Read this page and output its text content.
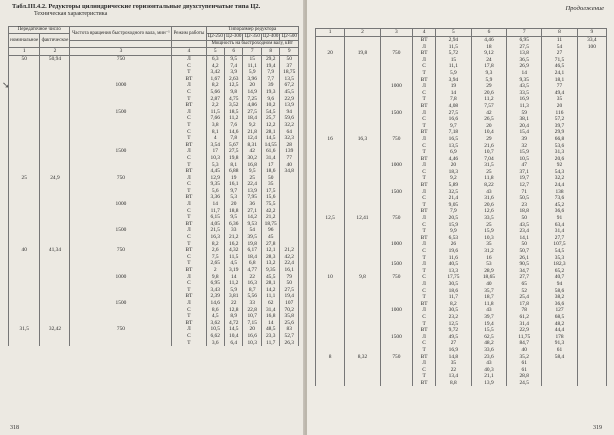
Табл.III.4.2. Редукторы цилиндрические горизонтальные двухступенчатые типа Ц2.
Техническая характеристика
➘
Передаточное число		Частота вращения быстроходного вала, мин⁻¹	Режим работы	Типоразмер редуктора				
номинальное	фактическое			Ц2-250	Ц2-300	Ц2-350	Ц2-400	Ц2-500
				Мощность на быстроходном валу, кВт				
1	2	3	4	5	6	7	8	9
50	50,94	750	Л	6,3	9,5	15	29,2	50
			С	4,2	7,4	11,1	19,4	37
			Т	3,42	3,9	5,9	7,9	18,75
			ВТ	1,67	2,63	3,96	7,7	13,5
		1000	Л	8,2	12,5	20	39	67,2
			С	5,66	9,8	14,9	19,3	45,5
			Т	2,87	4,75	7,25	9,6	22,9
			ВТ	2,2	3,52	4,86	10,2	13,9
		1500	Л	11,5	18,5	27,5	54,5	94
			С	7,66	11,2	18,4	25,7	59,6
			Т	3,8	7,6	9,2	12,2	32,2
			С	8,1	14,6	21,8	28,1	64
			Т	4	7,8	12,4	14,5	32,3
			ВТ	3,54	5,67	8,31	14,55	28
		1500	Л	17	27,5	42	61,6	139
			С	10,3	19,8	30,2	31,4	77
			Т	5,3	8,1	16,8	17	40
			ВТ	4,45	6,88	9,5	18,6	34,8
25	24,9	750	Л	12,9	19	25	50	
			С	9,35	16,1	22,4	35	
			Т	5,6	9,7	13,9	17,5	
			ВТ	3,36	5,3	7,95	15,6	
		1000	Л	14	20	36	75,5	
			С	11,7	18,8	27,1	42,2	
			Т	6,15	9,5	14,2	21,2	
			ВТ	4,05	6,36	9,53	18,75	
		1500	Л	21,5	33	54	96	
			С	16,3	21,2	39,5	45	
			Т	8,2	16,2	19,8	27,8	
40	41,34	750	ВТ	2,6	4,32	6,17	12,1	21,2
			С	7,5	11,5	18,4	28,3	42,2
			Т	2,65	4,5	6,8	13,2	22,4
			ВТ	2	3,19	4,77	9,35	16,1
		1000	Л	9,8	14	22	45,5	79
			С	6,95	11,2	16,3	28,1	50
			Т	3,43	5,9	8,7	14,2	27,5
			ВТ	2,39	3,81	5,56	11,1	19,4
		1500	Л	14,6	22	33	62	107
			С	8,6	12,8	22,8	31,4	70,2
			Т	4,5	8,9	10,7	16,8	35,8
			ВТ	3,62	4,72	7,15	14	25,6
31,5	32,42	750	Л	10,5	14,5	20	48,5	83
			С	6,62	10,4	16,6	23,3	52,7
			Т	3,6	6,4	10,3	11,7	26,3
318
Продолжение
1	2	3	4	5	6	7	8	9
			ВТ	2,94	4,46	6,95	11	33,4
			Л	11,5	18	27,5	54	100
20	19,8	750	ВТ	5,72	9,12	13,8	27	
			Л	15	24	36,5	71,5	
			С	11,1	17,8	26,9	46,5	
			Т	5,9	9,3	14	24,1	
			ВТ	3,94	5,9	9,35	18,1	
		1000	Л	19	29	43,5	77	
			С	14	20,6	33,5	49,4	
			Т	7,8	11,2	16,9	35	
			ВТ	4,08	7,57	11,3	20	
		1500	Л	27,5	42	59	116	
			С	16,6	26,5	38,1	57,2	
			Т	9,7	20	20,4	39,7	
			ВТ	7,18	10,4	15,4	29,9	
16	16,3	750	Л	16,5	29	39	66,8	
			С	13,5	21,6	32	53,6	
			Т	6,9	10,7	15,9	31,3	
			ВТ	4,46	7,04	10,5	20,6	
		1000	Л	20	31,5	47	92	
			С	18,3	25	37,1	54,3	
			Т	9,2	11,8	19,7	32,2	
			ВТ	5,89	8,22	12,7	24,4	
		1500	Л	32,5	43	71	138	
			С	21,4	31,6	50,5	73,6	
			Т	9,05	20,6	23	45,2	
			ВТ	7,9	12,6	18,8	36,6	
12,5	12,41	750	Л	20,5	33,5	50	91	
			С	15,9	25	43,5	63,4	
			Т	9,9	15,9	23,4	31,4	
			ВТ	6,53	10,3	14,1	27,7	
		1000	Л	26	35	50	107,5	
			С	19,6	31,2	50,7	54,5	
			Т	11,6	16	26,1	35,3	
		1500	Л	40,5	53	90,5	182,3	
			Т	13,3	28,9	34,7	65,2	
10	9,8	750	С	17,75	18,65	27,7	40,7	
			Л	30,5	40	65	94	
			С	18,6	35,7	52	58,6	
			Т	11,7	18,7	25,4	38,2	
			ВТ	8,2	11,8	17,8	36,6	
		1000	Л	30,5	43	78	127	
			С	23,2	39,7	61,2	68,5	
			Т	12,5	19,4	31,4	48,2	
			ВТ	9,72	15,5	22,9	44,4	
		1500	Л	49,5	62,5	11,75	178	
			С	27	48,2	84,7	91,3	
			Т	16,9	33,6	40	61	
8	8,32	750	ВТ	14,8	23,6	35,2	58,4	
			Л	35	43	61		
			С	22	40,3	61		
			Т	13,4	21,1	28,8		
			ВТ	8,8	13,9	24,5		
319
